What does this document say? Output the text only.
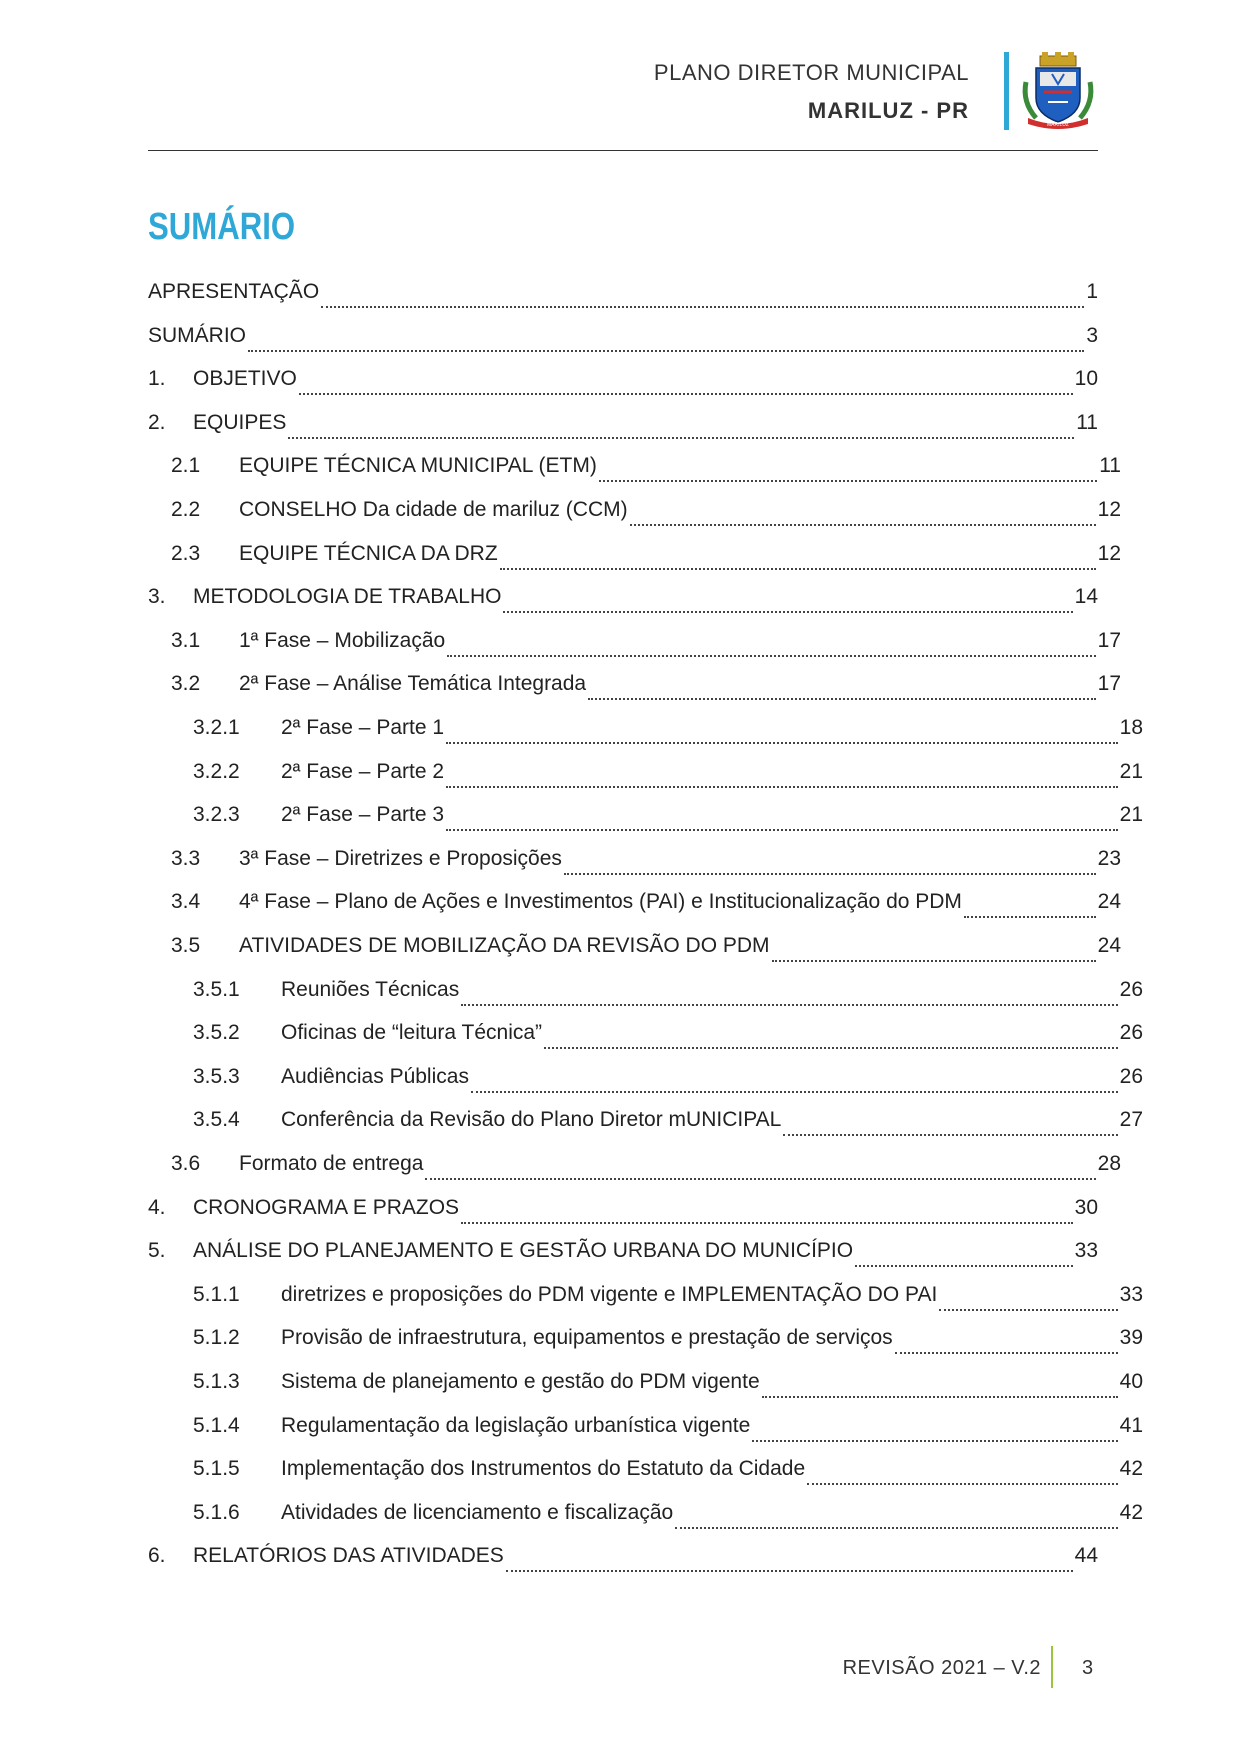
PLANO DIRETOR MUNICIPAL
MARILUZ - PR
MARILUZ
SUMÁRIO
APRESENTAÇÃO	1
SUMÁRIO	3
1.	OBJETIVO	10
2.	EQUIPES	11
2.1	EQUIPE TÉCNICA MUNICIPAL (ETM)	11
2.2	CONSELHO Da cidade de mariluz (CCM)	12
2.3	EQUIPE TÉCNICA DA DRZ	12
3.	METODOLOGIA DE TRABALHO	14
3.1	1ª Fase – Mobilização	17
3.2	2ª Fase – Análise Temática Integrada	17
3.2.1	2ª Fase – Parte 1	18
3.2.2	2ª Fase – Parte 2	21
3.2.3	2ª Fase – Parte 3	21
3.3	3ª Fase – Diretrizes e Proposições	23
3.4	4ª Fase – Plano de Ações e Investimentos (PAI) e Institucionalização do PDM	24
3.5	ATIVIDADES DE MOBILIZAÇÃO DA REVISÃO DO PDM	24
3.5.1	Reuniões Técnicas	26
3.5.2	Oficinas de “leitura Técnica”	26
3.5.3	Audiências Públicas	26
3.5.4	Conferência da Revisão do Plano Diretor mUNICIPAL	27
3.6	Formato de entrega	28
4.	CRONOGRAMA E PRAZOS	30
5.	ANÁLISE DO PLANEJAMENTO E GESTÃO URBANA DO MUNICÍPIO	33
5.1.1	diretrizes e proposições do PDM vigente e IMPLEMENTAÇÃO DO PAI	33
5.1.2	Provisão de infraestrutura, equipamentos e prestação de serviços	39
5.1.3	Sistema de planejamento e gestão do PDM vigente	40
5.1.4	Regulamentação da legislação urbanística vigente	41
5.1.5	Implementação dos Instrumentos do Estatuto da Cidade	42
5.1.6	Atividades de licenciamento e fiscalização	42
6.	RELATÓRIOS DAS ATIVIDADES	44
REVISÃO 2021 – V.2 3
